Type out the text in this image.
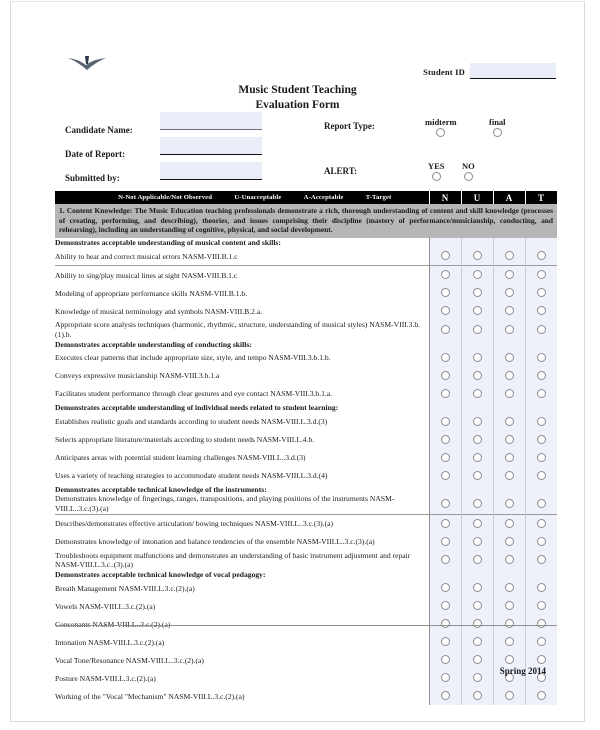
Student ID
Music Student Teaching
Evaluation Form
Candidate Name:
Date of Report:
Submitted by:
Report Type:
ALERT:
midterm	final
YES NO
N-Not Applicable/Not Observed U-Unacceptable A-Acceptable T-Target	N	U	A	T
1. Content Knowledge: The Music Education teaching professionals demonstrate a rich, thorough understanding of content and skill knowledge (processes of creating, performing, and describing), theories, and issues comprising their discipline (mastery of performance/musicianship, conducting, and rehearsing), including an understanding of cognitive, physical, and social development.				
Demonstrates acceptable understanding of musical content and skills:				
Ability to hear and correct musical errors NASM-VIII.B.1.c				
Ability to sing/play musical lines at sight NASM-VIII.B.1.c				
Modeling of appropriate performance skills NASM-VIII.B.1.b.				
Knowledge of musical terminology and symbols NASM-VIII.B.2.a.				
Appropriate score analysis techniques (harmonic, rhythmic, structure, understanding of musical styles) NASM-VIII.3.b.(1).b.				
Demonstrates acceptable understanding of conducting skills:				
Executes clear patterns that include appropriate size, style, and tempo NASM-VIII.3.b.1.b.				
Conveys expressive musicianship NASM-VIII.3.b.1.a				
Facilitates student performance through clear gestures and eye contact NASM-VIII.3.b.1.a.				
Demonstrates acceptable understanding of individual needs related to student learning:				
Establishes realistic goals and standards according to student needs NASM-VIII.L.3.d.(3)				
Selects appropriate literature/materials according to student needs NASM-VIII.L.4.b.				
Anticipates areas with potential student learning challenges NASM-VIII.L..3.d.(3)				
Uses a variety of teaching strategies to accommodate student needs NASM-VIII.L.3.d.(4)				
Demonstrates acceptable technical knowledge of the instruments:				
Demonstrates knowledge of fingerings, ranges, transpositions, and playing positions of the instruments NASM-VIII.L..3.c.(3).(a)				
Describes/demonstrates effective articulation/ bowing techniques NASM-VIII.L..3.c.(3).(a)				
Demonstrates knowledge of intonation and balance tendencies of the ensemble NASM-VIII.L..3.c.(3).(a)				
Troubleshoots equipment malfunctions and demonstrates an understanding of basic instrument adjustment and repair NASM-VIII.L.3.c..(3).(a)				
Demonstrates acceptable technical knowledge of vocal pedagogy:				
Breath Management NASM-VIII.L.3.c.(2).(a)				
Vowels NASM-VIII.L.3.c.(2).(a)				
Consonants NASM-VIII.L..3.c.(2).(a)				
Intonation NASM-VIII.L.3.c.(2).(a)				
Vocal Tone/Resonance NASM-VIII.L..3.c.(2).(a)				
Posture NASM-VIII.L.3.c.(2).(a)				
Working of the "Vocal "Mechanism" NASM-VIII.L.3.c.(2).(a)				
Spring 2014
